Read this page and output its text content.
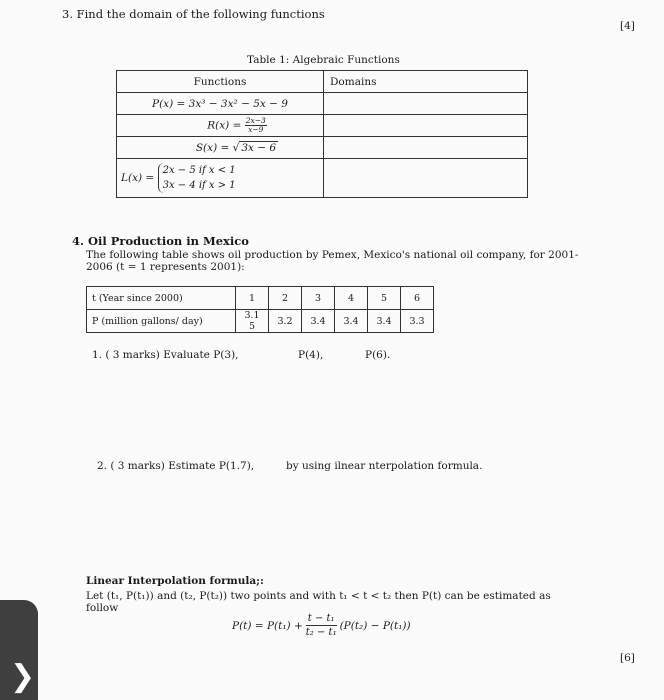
3. Find the domain of the following functions
[4]
Table 1: Algebraic Functions
Functions	Domains
P(x) = 3x³ − 3x² − 5x − 9	
$R(x) = \frac{2x-3}{x-9}$	
S(x) = √ 3x − 6	
L(x) =
2x − 5 if x < 1
3x − 4 if x > 1	

4. Oil Production in Mexico
The following table shows oil production by Pemex, Mexico's national oil company, for 2001-
2006 (t = 1 represents 2001):
t (Year since 2000)	1	2	3	4	5	6
P (million gallons/ day)	3.1 5	3.2	3.4	3.4	3.4	3.3
1. ( 3 marks) Evaluate P(3),	P(4),	P(6).
2. ( 3 marks) Estimate P(1.7),	by using ilnear nterpolation formula.
Linear Interpolation formula;:
Let (t₁, P(t₁)) and (t₂, P(t₂)) two points and with t₁ < t < t₂ then P(t) can be estimated as
follow
$P(t) = P(t_1) + \frac{\text{t − t₁}}{\text{t₂ − t₁}} (P(t_2) - P(t_1))$
[6]
❯
